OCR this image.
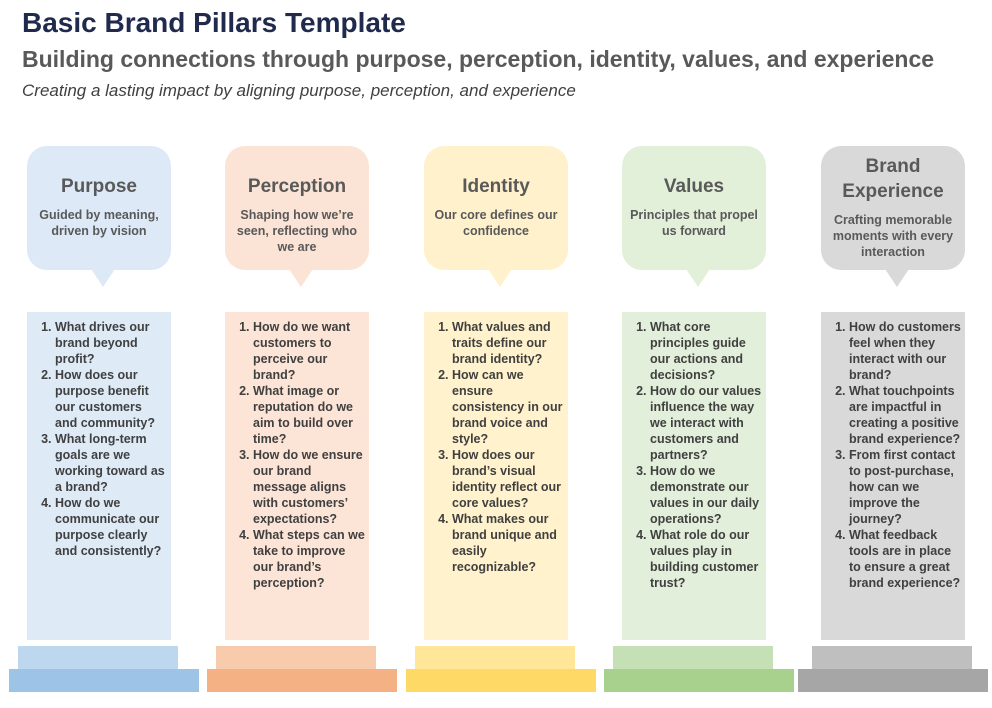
Basic Brand Pillars Template
Building connections through purpose, perception, identity, values, and experience

Creating a lasting impact by aligning purpose, perception, and experience

Purpose
Guided by meaning, driven by vision
1. What drives our brand beyond profit?
2. How does our purpose benefit our customers and community?
3. What long-term goals are we working toward as a brand?
4. How do we communicate our purpose clearly and consistently?
Perception
Shaping how we’re seen, reflecting who we are
1. How do we want customers to perceive our brand?
2. What image or reputation do we aim to build over time?
3. How do we ensure our brand message aligns with customers’ expectations?
4. What steps can we take to improve our brand’s perception?
Identity
Our core defines our confidence
1. What values and traits define our brand identity?
2. How can we ensure consistency in our brand voice and style?
3. How does our brand’s visual identity reflect our core values?
4. What makes our brand unique and easily recognizable?
Values
Principles that propel us forward
1. What core principles guide our actions and decisions?
2. How do our values influence the way we interact with customers and partners?
3. How do we demonstrate our values in our daily operations?
4. What role do our values play in building customer trust?
Brand Experience
Crafting memorable moments with every interaction
1. How do customers feel when they interact with our brand?
2. What touchpoints are impactful in creating a positive brand experience?
3. From first contact to post-purchase, how can we improve the journey?
4. What feedback tools are in place to ensure a great brand experience?
